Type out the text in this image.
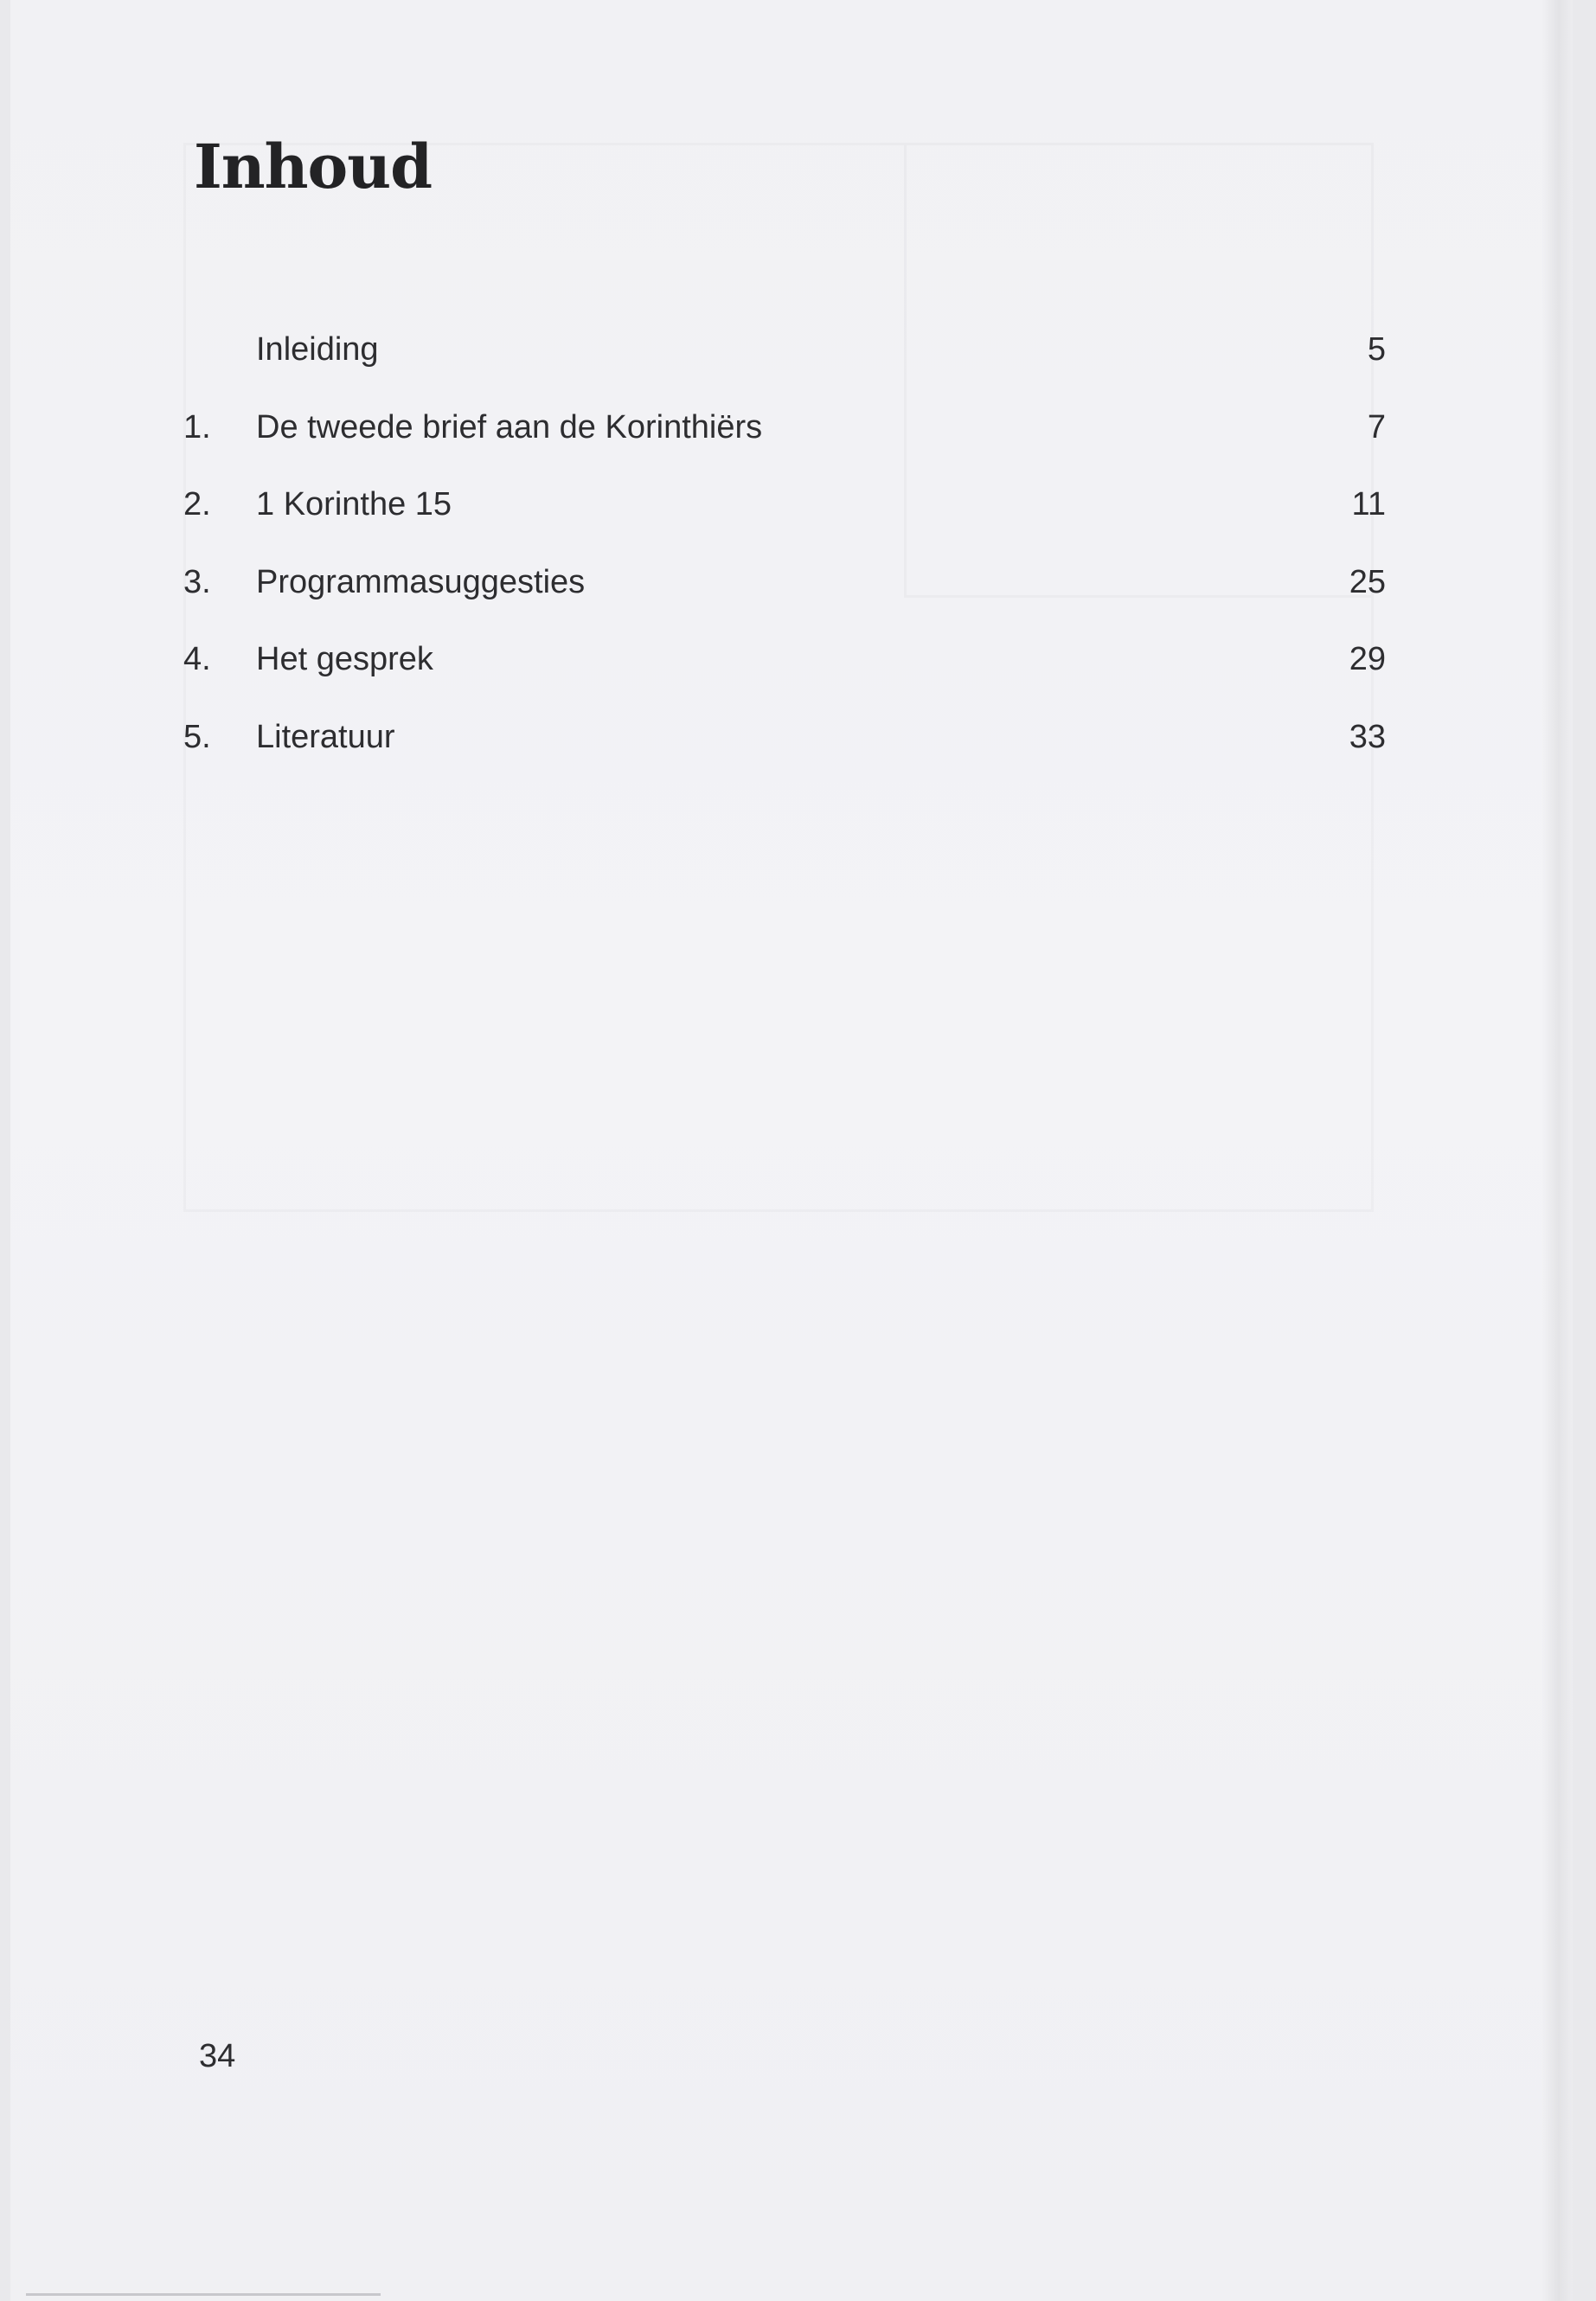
Inhoud
Inleiding	5
1. De tweede brief aan de Korinthiërs	7
2. 1 Korinthe 15	11
3. Programmasuggesties	25
4. Het gesprek	29
5. Literatuur	33
34
